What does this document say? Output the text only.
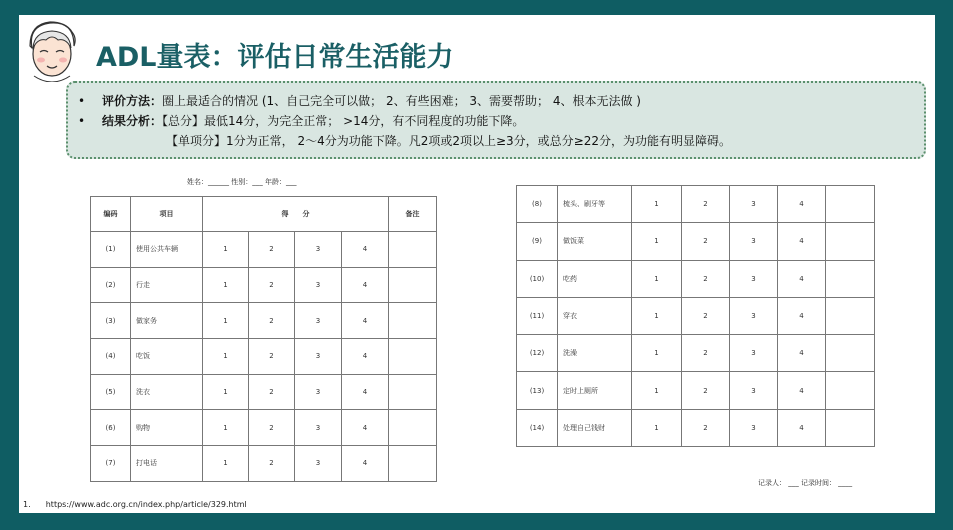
ADL量表：评估日常生活能力
• 评价方法：圈上最适合的情况 (1、自己完全可以做； 2、有些困难； 3、需要帮助； 4、根本无法做 )
• 结果分析：【总分】最低14分，为完全正常； >14分，有不同程度的功能下降。
【单项分】1分为正常， 2～4分为功能下降。凡2项或2项以上≥3分，或总分≥22分，为功能有明显障碍。
姓名：______ 性别：___ 年龄：___
编码	项目	得　　分				备注
(1)	使用公共车辆	1	2	3	4	
(2)	行走	1	2	3	4	
(3)	做家务	1	2	3	4	
(4)	吃饭	1	2	3	4	
(5)	洗衣	1	2	3	4	
(6)	购物	1	2	3	4	
(7)	打电话	1	2	3	4	
(8)	梳头、刷牙等	1	2	3	4	
(9)	做饭菜	1	2	3	4	
(10)	吃药	1	2	3	4	
(11)	穿衣	1	2	3	4	
(12)	洗澡	1	2	3	4	
(13)	定时上厕所	1	2	3	4	
(14)	处理自己钱财	1	2	3	4	
记录人： ___ 记录时间： ____
1. https://www.adc.org.cn/index.php/article/329.html
